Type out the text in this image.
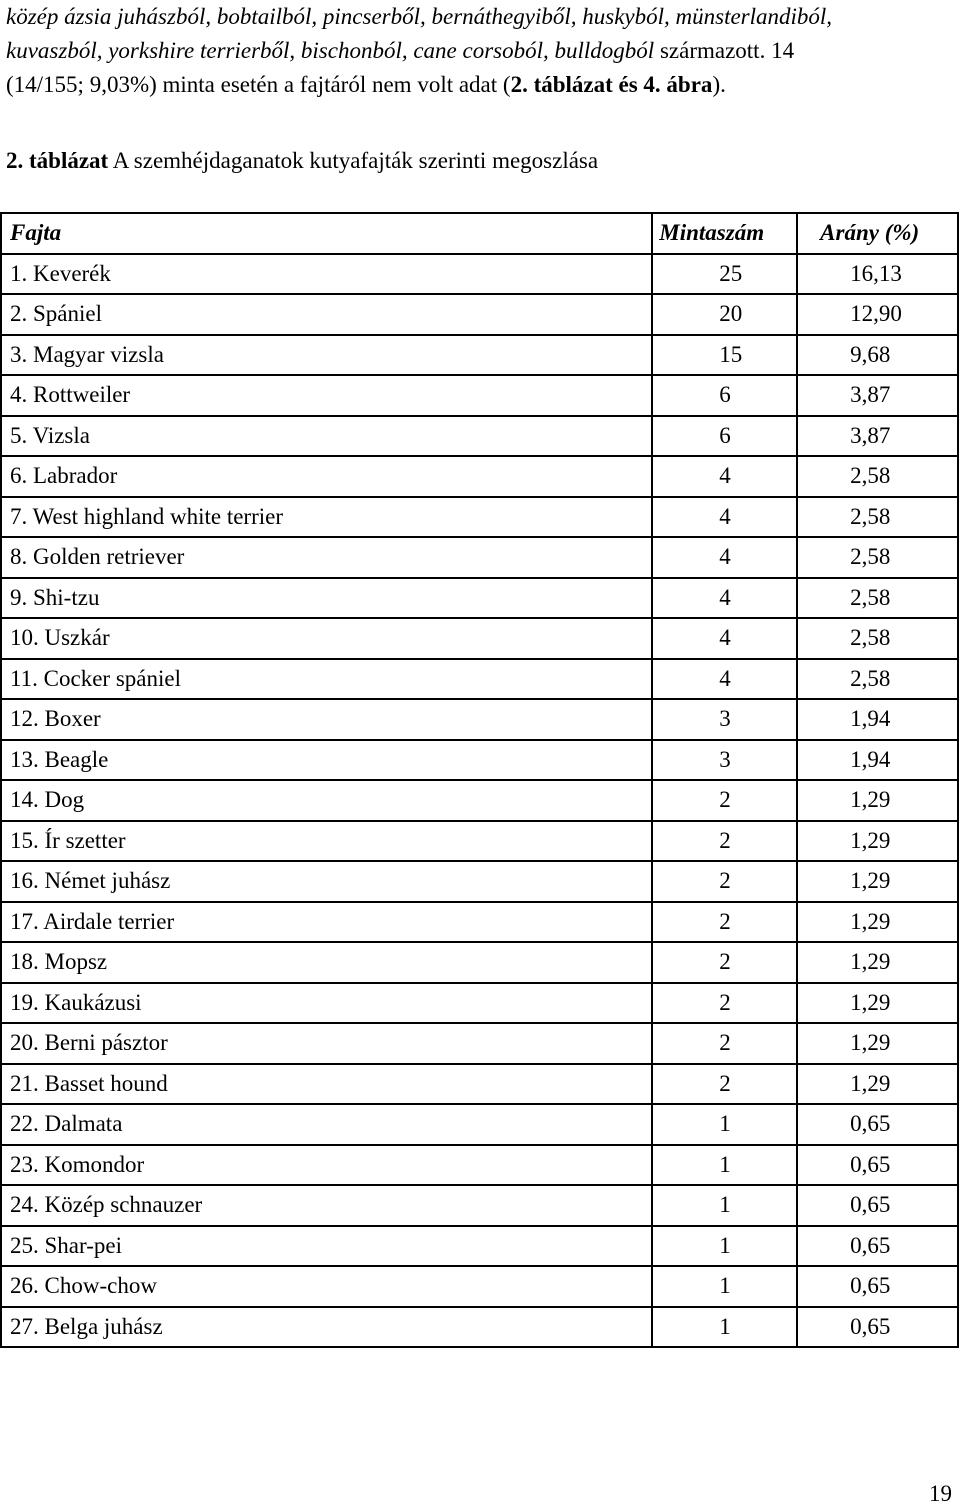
közép ázsia juhászból, bobtailból, pincserből, bernáthegyiből, huskyból, münsterlandiból,
kuvaszból, yorkshire terrierből, bischonból, cane corsoból, bulldogból származott. 14
(14/155; 9,03%) minta esetén a fajtáról nem volt adat (2. táblázat és 4. ábra).
2. táblázat A szemhéjdaganatok kutyafajták szerinti megoszlása
Fajta	Mintaszám	Arány (%)
1. Keverék	25	16,13
2. Spániel	20	12,90
3. Magyar vizsla	15	9,68
4. Rottweiler	6	3,87
5. Vizsla	6	3,87
6. Labrador	4	2,58
7. West highland white terrier	4	2,58
8. Golden retriever	4	2,58
9. Shi-tzu	4	2,58
10. Uszkár	4	2,58
11. Cocker spániel	4	2,58
12. Boxer	3	1,94
13. Beagle	3	1,94
14. Dog	2	1,29
15. Ír szetter	2	1,29
16. Német juhász	2	1,29
17. Airdale terrier	2	1,29
18. Mopsz	2	1,29
19. Kaukázusi	2	1,29
20. Berni pásztor	2	1,29
21. Basset hound	2	1,29
22. Dalmata	1	0,65
23. Komondor	1	0,65
24. Közép schnauzer	1	0,65
25. Shar-pei	1	0,65
26. Chow-chow	1	0,65
27. Belga juhász	1	0,65
19
